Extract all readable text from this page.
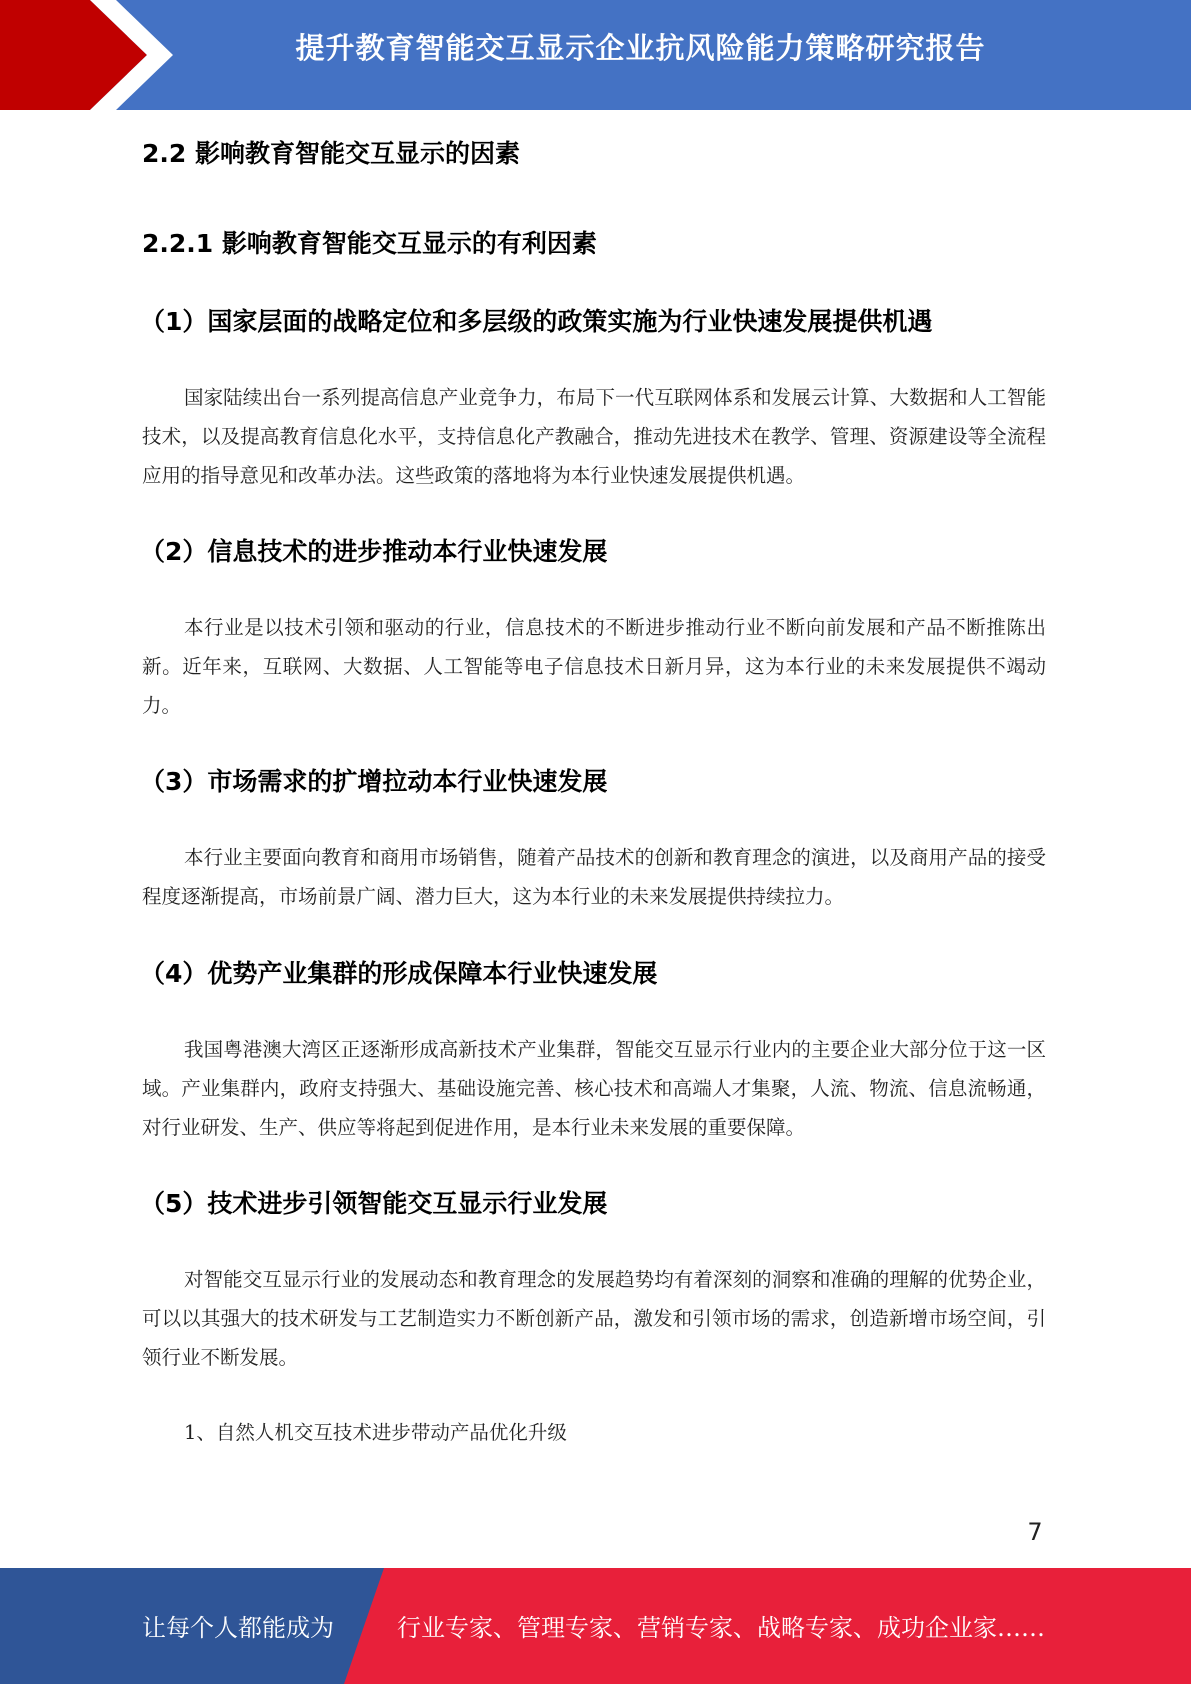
提升教育智能交互显示企业抗风险能力策略研究报告
2.2 影响教育智能交互显示的因素
2.2.1 影响教育智能交互显示的有利因素
（1）国家层面的战略定位和多层级的政策实施为行业快速发展提供机遇

国家陆续出台一系列提高信息产业竞争力，布局下一代互联网体系和发展云计算、大数据和人工智能技术，以及提高教育信息化水平，支持信息化产教融合，推动先进技术在教学、管理、资源建设等全流程应用的指导意见和改革办法。这些政策的落地将为本行业快速发展提供机遇。

（2）信息技术的进步推动本行业快速发展

本行业是以技术引领和驱动的行业，信息技术的不断进步推动行业不断向前发展和产品不断推陈出新。近年来，互联网、大数据、人工智能等电子信息技术日新月异，这为本行业的未来发展提供不竭动力。

（3）市场需求的扩增拉动本行业快速发展

本行业主要面向教育和商用市场销售，随着产品技术的创新和教育理念的演进，以及商用产品的接受程度逐渐提高，市场前景广阔、潜力巨大，这为本行业的未来发展提供持续拉力。

（4）优势产业集群的形成保障本行业快速发展

我国粤港澳大湾区正逐渐形成高新技术产业集群，智能交互显示行业内的主要企业大部分位于这一区域。产业集群内，政府支持强大、基础设施完善、核心技术和高端人才集聚，人流、物流、信息流畅通，对行业研发、生产、供应等将起到促进作用，是本行业未来发展的重要保障。

（5）技术进步引领智能交互显示行业发展

对智能交互显示行业的发展动态和教育理念的发展趋势均有着深刻的洞察和准确的理解的优势企业，可以以其强大的技术研发与工艺制造实力不断创新产品，激发和引领市场的需求，创造新增市场空间，引领行业不断发展。

1、自然人机交互技术进步带动产品优化升级
7
让每个人都能成为	行业专家、管理专家、营销专家、战略专家、成功企业家……
